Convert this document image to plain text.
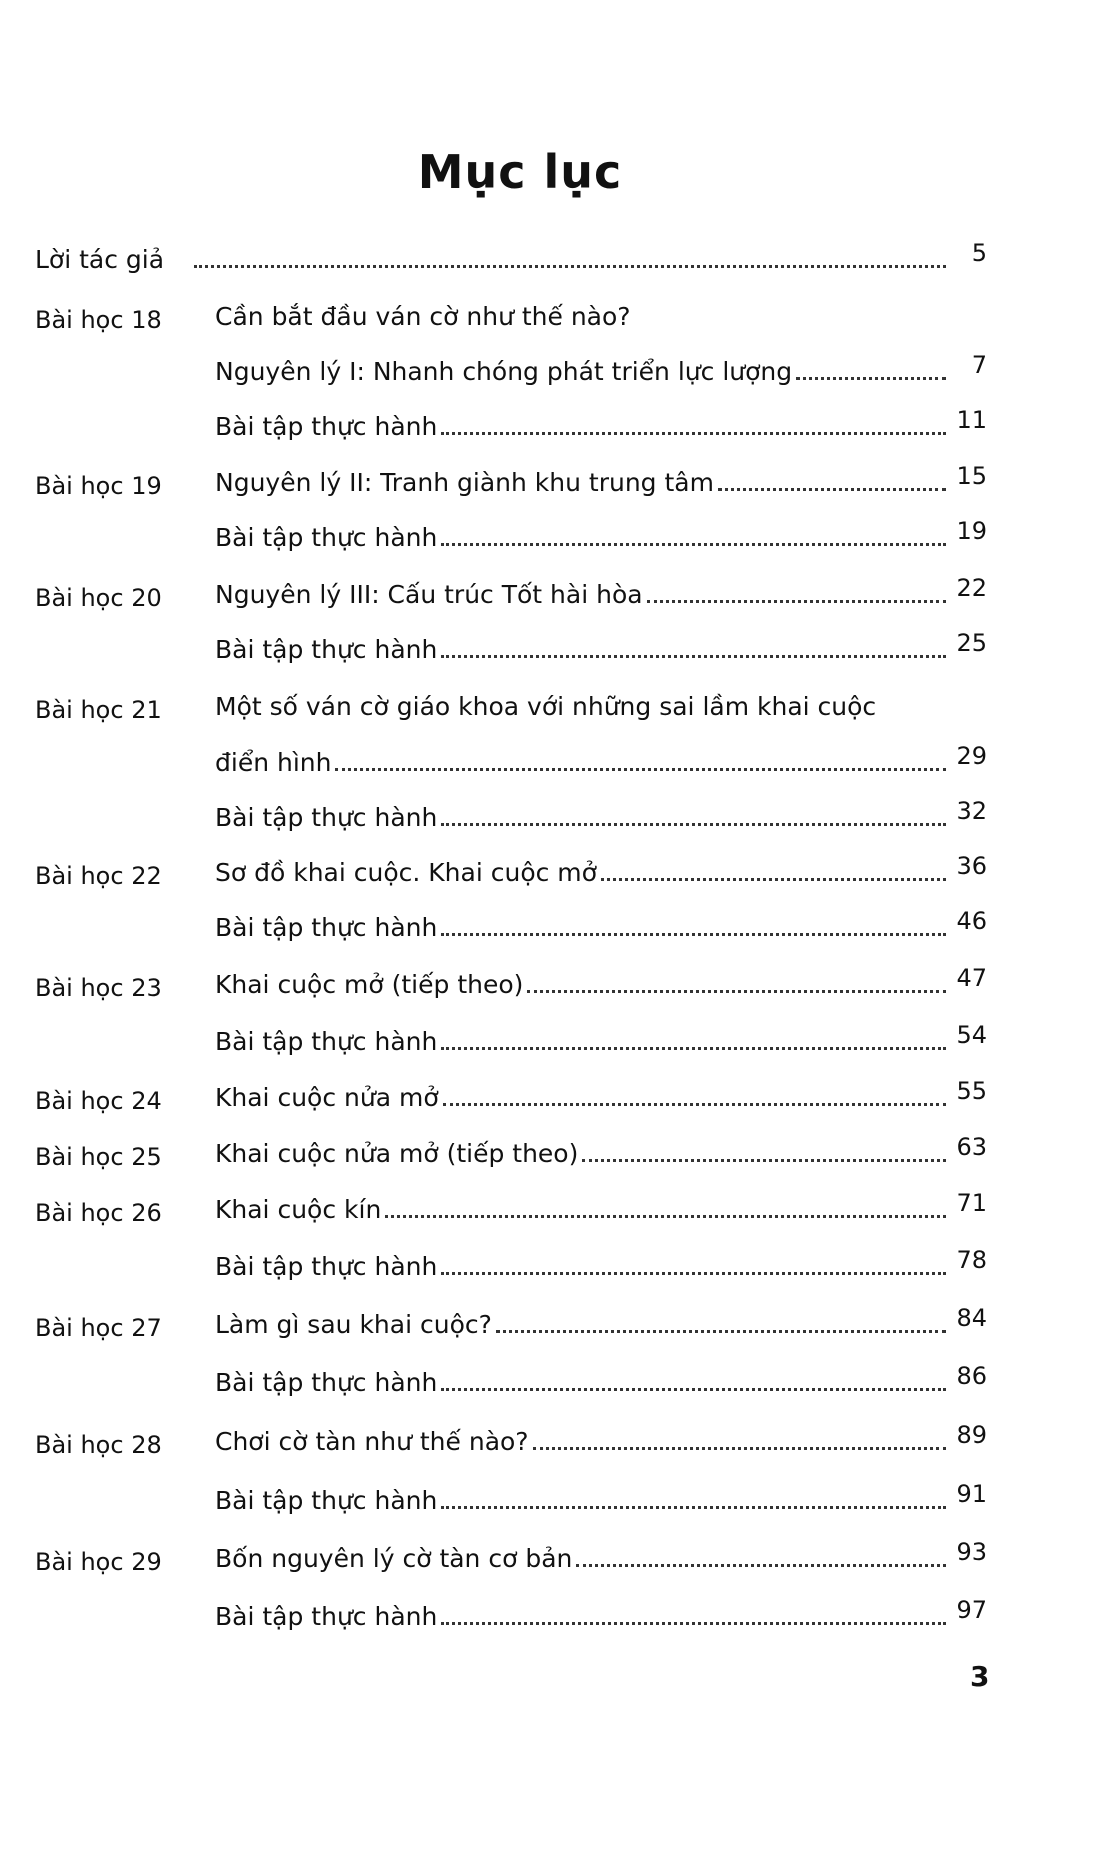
Mục lục
Lời tác giả	5
Bài học 18 Cần bắt đầu ván cờ như thế nào?
Nguyên lý I: Nhanh chóng phát triển lực lượng	7
Bài tập thực hành	11
Bài học 19 Nguyên lý II: Tranh giành khu trung tâm	15
Bài tập thực hành	19
Bài học 20 Nguyên lý III: Cấu trúc Tốt hài hòa	22
Bài tập thực hành	25
Bài học 21 Một số ván cờ giáo khoa với những sai lầm khai cuộc
điển hình	29
Bài tập thực hành	32
Bài học 22 Sơ đồ khai cuộc. Khai cuộc mở	36
Bài tập thực hành	46
Bài học 23 Khai cuộc mở (tiếp theo)	47
Bài tập thực hành	54
Bài học 24 Khai cuộc nửa mở	55
Bài học 25 Khai cuộc nửa mở (tiếp theo)	63
Bài học 26 Khai cuộc kín	71
Bài tập thực hành	78
Bài học 27 Làm gì sau khai cuộc?	84
Bài tập thực hành	86
Bài học 28 Chơi cờ tàn như thế nào?	89
Bài tập thực hành	91
Bài học 29 Bốn nguyên lý cờ tàn cơ bản	93
Bài tập thực hành	97
3
